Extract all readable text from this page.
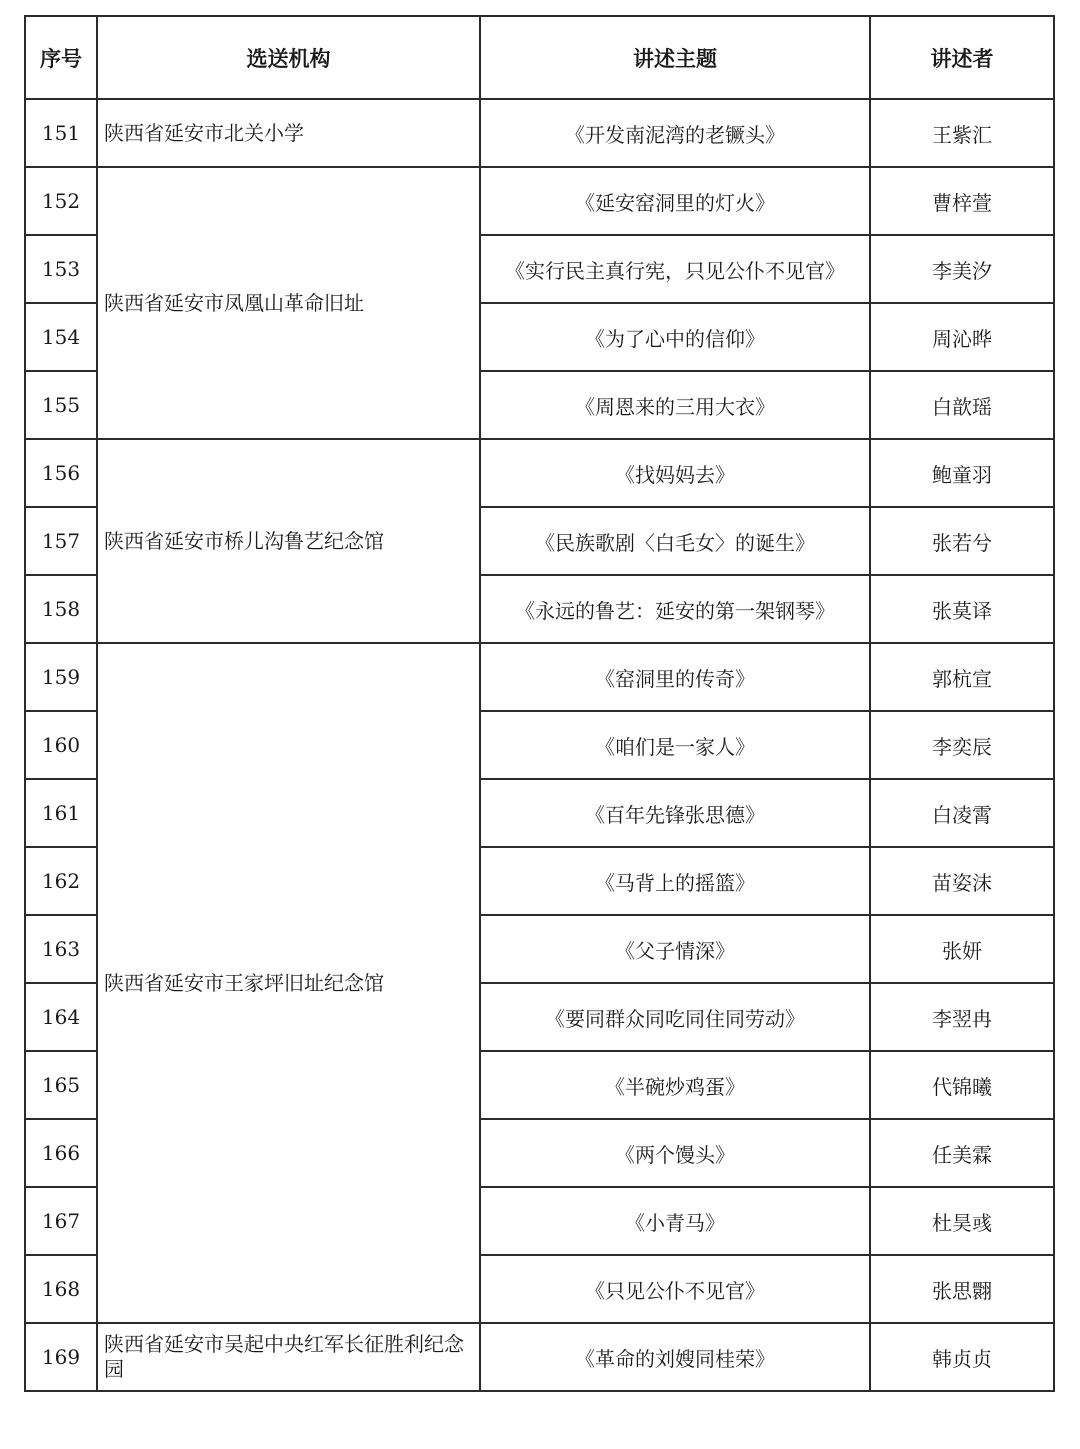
序号	选送机构	讲述主题	讲述者
151	陕西省延安市北关小学	《开发南泥湾的老镢头》	王紫汇
152	陕西省延安市凤凰山革命旧址	《延安窑洞里的灯火》	曹梓萱
153		《实行民主真行宪，只见公仆不见官》	李美汐
154		《为了心中的信仰》	周沁晔
155		《周恩来的三用大衣》	白歆瑶
156	陕西省延安市桥儿沟鲁艺纪念馆	《找妈妈去》	鲍童羽
157		《民族歌剧〈白毛女〉的诞生》	张若兮
158		《永远的鲁艺：延安的第一架钢琴》	张莫译
159	陕西省延安市王家坪旧址纪念馆	《窑洞里的传奇》	郭杭宣
160		《咱们是一家人》	李奕辰
161		《百年先锋张思德》	白凌霄
162		《马背上的摇篮》	苗姿沫
163		《父子情深》	张妍
164		《要同群众同吃同住同劳动》	李翌冉
165		《半碗炒鸡蛋》	代锦曦
166		《两个馒头》	任美霖
167		《小青马》	杜昊彧
168		《只见公仆不见官》	张思翾
169	陕西省延安市吴起中央红军长征胜利纪念园	《革命的刘嫂同桂荣》	韩贞贞
